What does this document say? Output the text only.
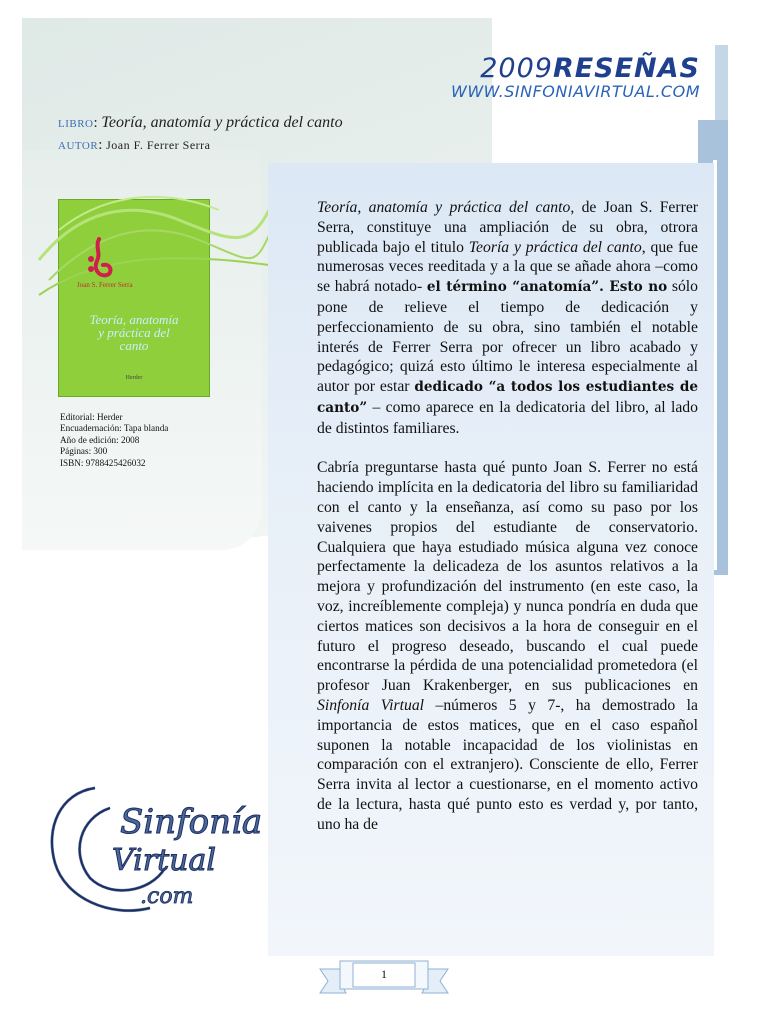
2009RESEÑAS
WWW.SINFONIAVIRTUAL.COM
LIBRO: Teoría, anatomía y práctica del canto
AUTOR: Joan F. Ferrer Serra
Joan S. Ferrer Serra
Teoría, anatomía
y práctica del
canto
Herder
Editorial: Herder
Encuadernación: Tapa blanda
Año de edición: 2008
Páginas: 300
ISBN: 9788425426032
Sinfonía
Virtual
.com

Teoría, anatomía y práctica del canto, de Joan S. Ferrer Serra, constituye una ampliación de su obra, otrora publicada bajo el titulo Teoría y práctica del canto, que fue numerosas veces reeditada y a la que se añade ahora –como se habrá notado- el término “anatomía”. Esto no sólo pone de relieve el tiempo de dedicación y perfeccionamiento de su obra, sino también el notable interés de Ferrer Serra por ofrecer un libro acabado y pedagógico; quizá esto último le interesa especialmente al autor por estar dedicado “a todos los estudiantes de canto” – como aparece en la dedicatoria del libro, al lado de distintos familiares.

Cabría preguntarse hasta qué punto Joan S. Ferrer no está haciendo implícita en la dedicatoria del libro su familiaridad con el canto y la enseñanza, así como su paso por los vaivenes propios del estudiante de conservatorio. Cualquiera que haya estudiado música alguna vez conoce perfectamente la delicadeza de los asuntos relativos a la mejora y profundización del instrumento (en este caso, la voz, increíblemente compleja) y nunca pondría en duda que ciertos matices son decisivos a la hora de conseguir en el futuro el progreso deseado, buscando el cual puede encontrarse la pérdida de una potencialidad prometedora (el profesor Juan Krakenberger, en sus publicaciones en Sinfonía Virtual –números 5 y 7-, ha demostrado la importancia de estos matices, que en el caso español suponen la notable incapacidad de los violinistas en comparación con el extranjero). Consciente de ello, Ferrer Serra invita al lector a cuestionarse, en el momento activo de la lectura, hasta qué punto esto es verdad y, por tanto, uno ha de

1
